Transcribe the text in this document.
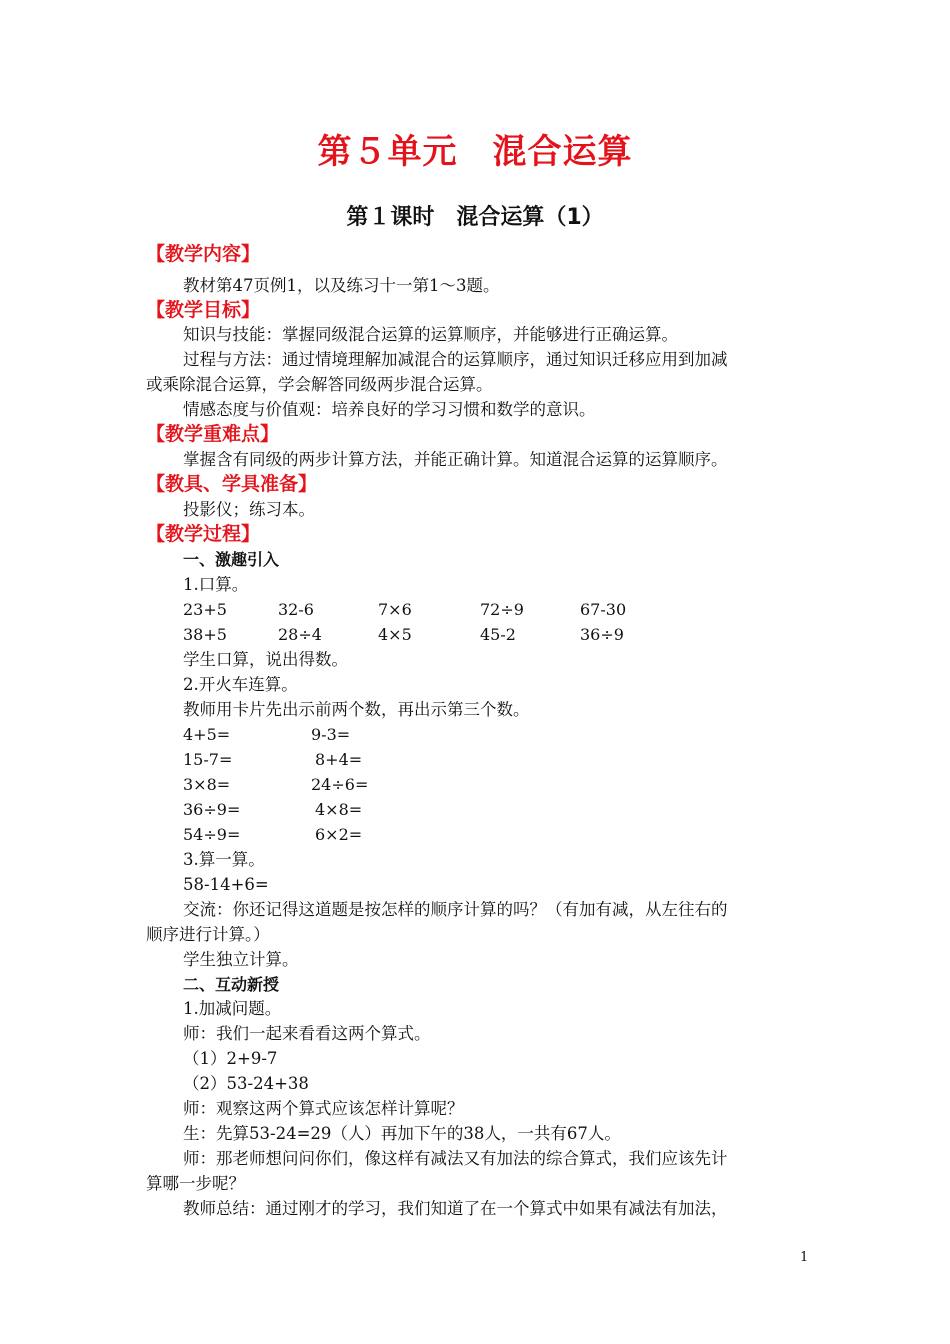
第５单元　混合运算
第１课时　混合运算（1）
【教学内容】
教材第47页例1，以及练习十一第1～3题。
【教学目标】
知识与技能：掌握同级混合运算的运算顺序，并能够进行正确运算。
过程与方法：通过情境理解加减混合的运算顺序，通过知识迁移应用到加减
或乘除混合运算，学会解答同级两步混合运算。
情感态度与价值观：培养良好的学习习惯和数学的意识。
【教学重难点】
掌握含有同级的两步计算方法，并能正确计算。知道混合运算的运算顺序。
【教具、学具准备】
投影仪；练习本。
【教学过程】
一、激趣引入
1.口算。
23+5	32-6	7×6	72÷9	67-30
38+5	28÷4	4×5	45-2	36÷9
学生口算，说出得数。
2.开火车连算。
教师用卡片先出示前两个数，再出示第三个数。
4+5=	9-3=
15-7=	8+4=
3×8=	24÷6=
36÷9=	4×8=
54÷9=	6×2=
3.算一算。
58-14+6=
交流：你还记得这道题是按怎样的顺序计算的吗？（有加有减，从左往右的
顺序进行计算。）
学生独立计算。
二、互动新授
1.加减问题。
师：我们一起来看看这两个算式。
（1）2+9-7
（2）53-24+38
师：观察这两个算式应该怎样计算呢？
生：先算53-24=29（人）再加下午的38人，一共有67人。
师：那老师想问问你们，像这样有减法又有加法的综合算式，我们应该先计
算哪一步呢？
教师总结：通过刚才的学习，我们知道了在一个算式中如果有减法有加法，
1
